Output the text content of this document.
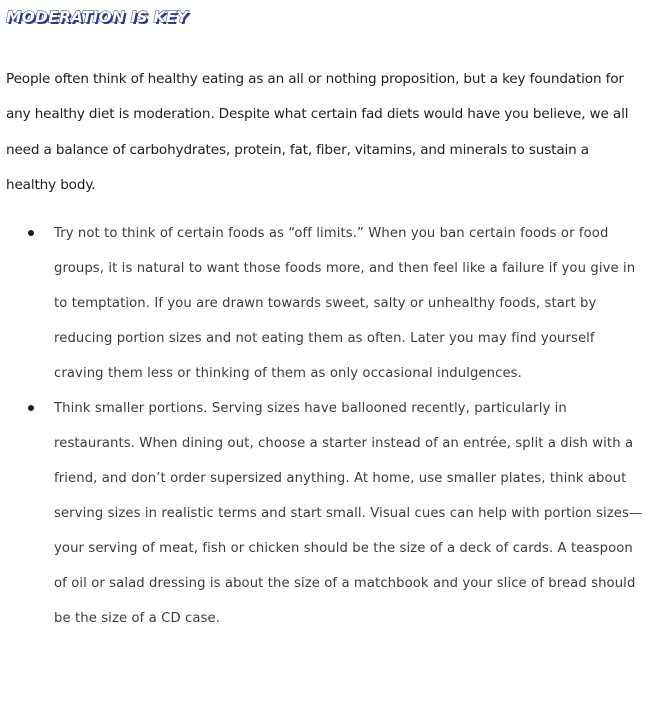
MODERATION IS KEY

People often think of healthy eating as an all or nothing proposition, but a key foundation for any healthy diet is moderation. Despite what certain fad diets would have you believe, we all need a balance of carbohydrates, protein, fat, fiber, vitamins, and minerals to sustain a healthy body.

Try not to think of certain foods as “off limits.” When you ban certain foods or food groups, it is natural to want those foods more, and then feel like a failure if you give in to temptation. If you are drawn towards sweet, salty or unhealthy foods, start by reducing portion sizes and not eating them as often. Later you may find yourself craving them less or thinking of them as only occasional indulgences.
Think smaller portions. Serving sizes have ballooned recently, particularly in restaurants. When dining out, choose a starter instead of an entrée, split a dish with a friend, and don’t order supersized anything. At home, use smaller plates, think about serving sizes in realistic terms and start small. Visual cues can help with portion sizes—your serving of meat, fish or chicken should be the size of a deck of cards. A teaspoon of oil or salad dressing is about the size of a matchbook and your slice of bread should be the size of a CD case.
